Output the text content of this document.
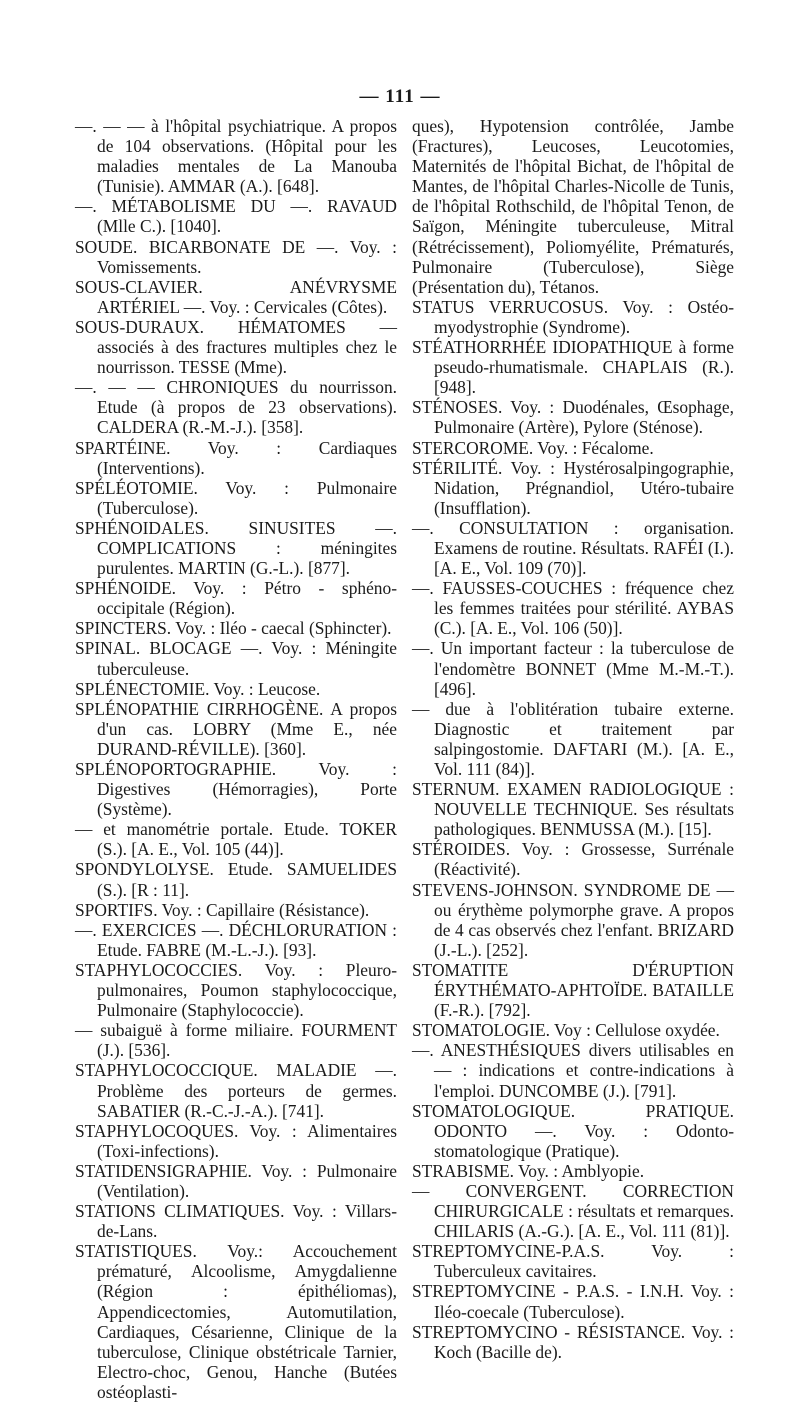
— 111 —

—. — — à l'hôpital psychiatrique. A propos de 104 observations. (Hôpital pour les maladies mentales de La Manouba (Tunisie). AMMAR (A.). [648].

—. MÉTABOLISME DU —. RAVAUD (Mlle C.). [1040].

SOUDE. BICARBONATE DE —. Voy. : Vomissements.

SOUS-CLAVIER. ANÉVRYSME ARTÉRIEL —. Voy. : Cervicales (Côtes).

SOUS-DURAUX. HÉMATOMES — associés à des fractures multiples chez le nourrisson. TESSE (Mme).

—. — — CHRONIQUES du nourrisson. Etude (à propos de 23 observations). CALDERA (R.-M.-J.). [358].

SPARTÉINE. Voy. : Cardiaques (Interventions).

SPÉLÉOTOMIE. Voy. : Pulmonaire (Tuberculose).

SPHÉNOIDALES. SINUSITES —. COMPLICATIONS : méningites purulentes. MARTIN (G.-L.). [877].

SPHÉNOIDE. Voy. : Pétro - sphéno-occipitale (Région).

SPINCTERS. Voy. : Iléo - caecal (Sphincter).

SPINAL. BLOCAGE —. Voy. : Méningite tuberculeuse.

SPLÉNECTOMIE. Voy. : Leucose.

SPLÉNOPATHIE CIRRHOGÈNE. A propos d'un cas. LOBRY (Mme E., née DURAND-RÉVILLE). [360].

SPLÉNOPORTOGRAPHIE. Voy. : Digestives (Hémorragies), Porte (Système).

— et manométrie portale. Etude. TOKER (S.). [A. E., Vol. 105 (44)].

SPONDYLOLYSE. Etude. SAMUELIDES (S.). [R : 11].

SPORTIFS. Voy. : Capillaire (Résistance).

—. EXERCICES —. DÉCHLORURATION : Etude. FABRE (M.-L.-J.). [93].

STAPHYLOCOCCIES. Voy. : Pleuro-pulmonaires, Poumon staphylococcique, Pulmonaire (Staphylococcie).

— subaiguë à forme miliaire. FOURMENT (J.). [536].

STAPHYLOCOCCIQUE. MALADIE —. Problème des porteurs de germes. SABATIER (R.-C.-J.-A.). [741].

STAPHYLOCOQUES. Voy. : Alimentaires (Toxi-infections).

STATIDENSIGRAPHIE. Voy. : Pulmonaire (Ventilation).

STATIONS CLIMATIQUES. Voy. : Villars-de-Lans.

STATISTIQUES. Voy.: Accouchement prématuré, Alcoolisme, Amygdalienne (Région : épithéliomas), Appendicectomies, Automutilation, Cardiaques, Césarienne, Clinique de la tuberculose, Clinique obstétricale Tarnier, Electro-choc, Genou, Hanche (Butées ostéoplasti-

ques), Hypotension contrôlée, Jambe (Fractures), Leucoses, Leucotomies, Maternités de l'hôpital Bichat, de l'hôpital de Mantes, de l'hôpital Charles-Nicolle de Tunis, de l'hôpital Rothschild, de l'hôpital Tenon, de Saïgon, Méningite tuberculeuse, Mitral (Rétrécissement), Poliomyélite, Prématurés, Pulmonaire (Tuberculose), Siège (Présentation du), Tétanos.

STATUS VERRUCOSUS. Voy. : Ostéo-myodystrophie (Syndrome).

STÉATHORRHÉE IDIOPATHIQUE à forme pseudo-rhumatismale. CHAPLAIS (R.). [948].

STÉNOSES. Voy. : Duodénales, Œsophage, Pulmonaire (Artère), Pylore (Sténose).

STERCOROME. Voy. : Fécalome.

STÉRILITÉ. Voy. : Hystérosalpingographie, Nidation, Prégnandiol, Utéro-tubaire (Insufflation).

—. CONSULTATION : organisation. Examens de routine. Résultats. RAFÉI (I.). [A. E., Vol. 109 (70)].

—. FAUSSES-COUCHES : fréquence chez les femmes traitées pour stérilité. AYBAS (C.). [A. E., Vol. 106 (50)].

—. Un important facteur : la tuberculose de l'endomètre BONNET (Mme M.-M.-T.). [496].

— due à l'oblitération tubaire externe. Diagnostic et traitement par salpingostomie. DAFTARI (M.). [A. E., Vol. 111 (84)].

STERNUM. EXAMEN RADIOLOGIQUE : NOUVELLE TECHNIQUE. Ses résultats pathologiques. BENMUSSA (M.). [15].

STÉROIDES. Voy. : Grossesse, Surrénale (Réactivité).

STEVENS-JOHNSON. SYNDROME DE — ou érythème polymorphe grave. A propos de 4 cas observés chez l'enfant. BRIZARD (J.-L.). [252].

STOMATITE D'ÉRUPTION ÉRYTHÉMATO-APHTOÏDE. BATAILLE (F.-R.). [792].

STOMATOLOGIE. Voy : Cellulose oxydée.

—. ANESTHÉSIQUES divers utilisables en — : indications et contre-indications à l'emploi. DUNCOMBE (J.). [791].

STOMATOLOGIQUE. PRATIQUE. ODONTO —. Voy. : Odonto-stomatologique (Pratique).

STRABISME. Voy. : Amblyopie.

— CONVERGENT. CORRECTION CHIRURGICALE : résultats et remarques. CHILARIS (A.-G.). [A. E., Vol. 111 (81)].

STREPTOMYCINE-P.A.S. Voy. : Tuberculeux cavitaires.

STREPTOMYCINE - P.A.S. - I.N.H. Voy. : Iléo-coecale (Tuberculose).

STREPTOMYCINO - RÉSISTANCE. Voy. : Koch (Bacille de).
